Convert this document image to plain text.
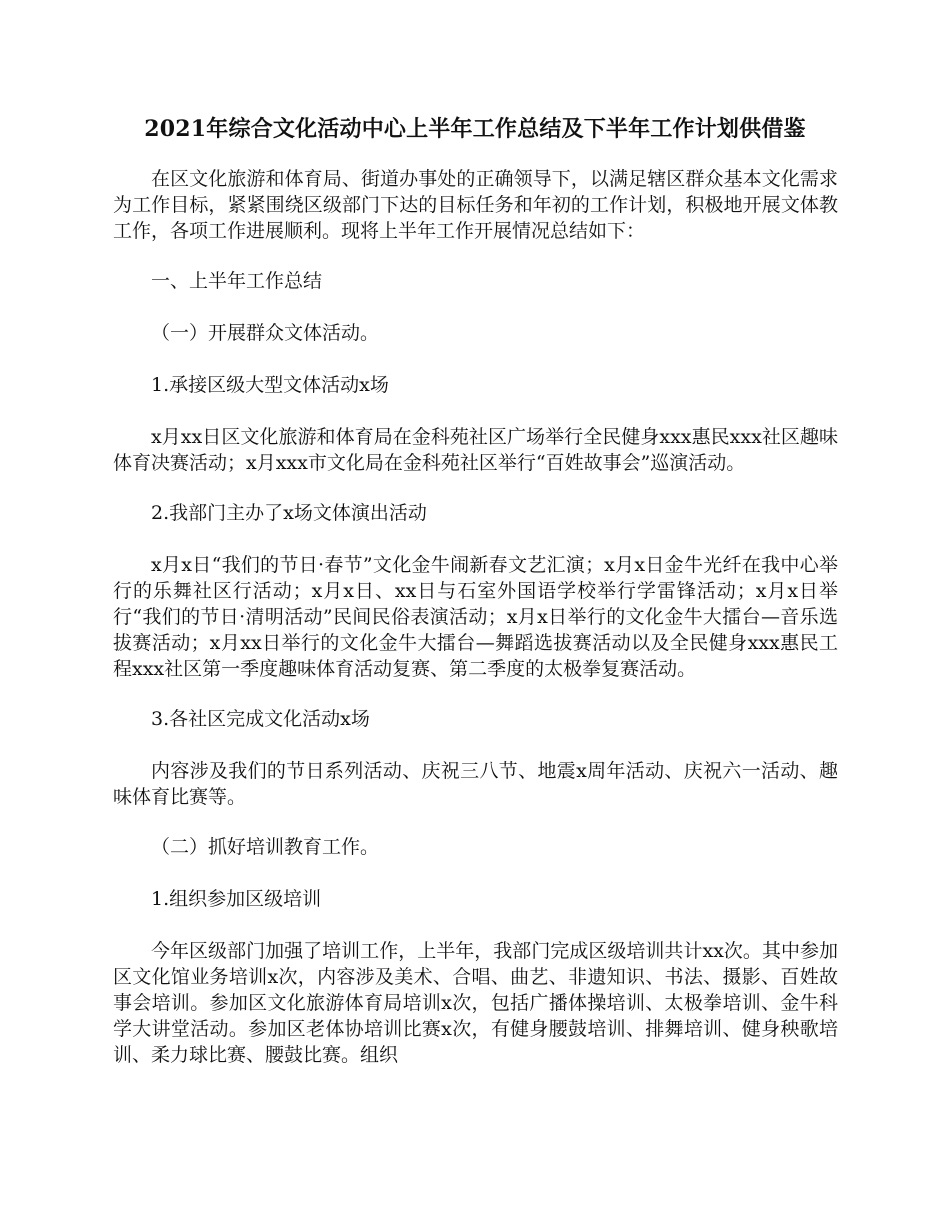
2021年综合文化活动中心上半年工作总结及下半年工作计划供借鉴

在区文化旅游和体育局、街道办事处的正确领导下，以满足辖区群众基本文化需求为工作目标，紧紧围绕区级部门下达的目标任务和年初的工作计划，积极地开展文体教工作，各项工作进展顺利。现将上半年工作开展情况总结如下：

一、上半年工作总结

（一）开展群众文体活动。

1.承接区级大型文体活动x场

x月xx日区文化旅游和体育局在金科苑社区广场举行全民健身xxx惠民xxx社区趣味体育决赛活动；x月xxx市文化局在金科苑社区举行“百姓故事会”巡演活动。

2.我部门主办了x场文体演出活动

x月x日“我们的节日·春节”文化金牛闹新春文艺汇演；x月x日金牛光纤在我中心举行的乐舞社区行活动；x月x日、xx日与石室外国语学校举行学雷锋活动；x月x日举行“我们的节日·清明活动”民间民俗表演活动；x月x日举行的文化金牛大擂台—音乐选拔赛活动；x月xx日举行的文化金牛大擂台—舞蹈选拔赛活动以及全民健身xxx惠民工程xxx社区第一季度趣味体育活动复赛、第二季度的太极拳复赛活动。

3.各社区完成文化活动x场

内容涉及我们的节日系列活动、庆祝三八节、地震x周年活动、庆祝六一活动、趣味体育比赛等。

（二）抓好培训教育工作。

1.组织参加区级培训

今年区级部门加强了培训工作，上半年，我部门完成区级培训共计xx次。其中参加区文化馆业务培训x次，内容涉及美术、合唱、曲艺、非遗知识、书法、摄影、百姓故事会培训。参加区文化旅游体育局培训x次，包括广播体操培训、太极拳培训、金牛科学大讲堂活动。参加区老体协培训比赛x次，有健身腰鼓培训、排舞培训、健身秧歌培训、柔力球比赛、腰鼓比赛。组织
